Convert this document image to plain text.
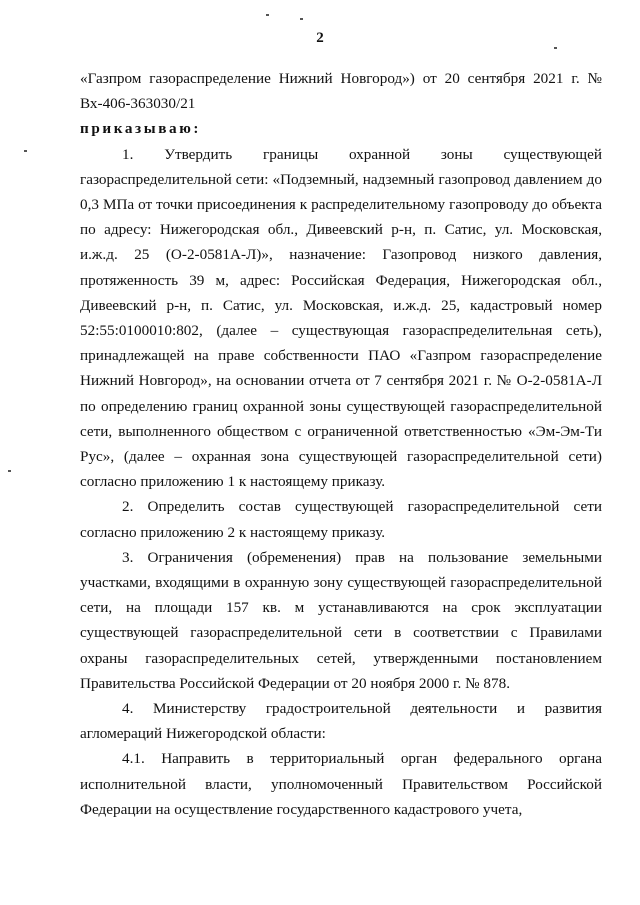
2

«Газпром газораспределение Нижний Новгород») от 20 сентября 2021 г. № Вх-406-363030/21

приказываю:

1. Утвердить границы охранной зоны существующей газораспределительной сети: «Подземный, надземный газопровод давлением до 0,3 МПа от точки присоединения к распределительному газопроводу до объекта по адресу: Нижегородская обл., Дивеевский р-н, п. Сатис, ул. Московская, и.ж.д. 25 (О-2-0581А-Л)», назначение: Газопровод низкого давления, протяженность 39 м, адрес: Российская Федерация, Нижегородская обл., Дивеевский р-н, п. Сатис, ул. Московская, и.ж.д. 25, кадастровый номер 52:55:0100010:802, (далее – существующая газораспределительная сеть), принадлежащей на праве собственности ПАО «Газпром газораспределение Нижний Новгород», на основании отчета от 7 сентября 2021 г. № О-2-0581А-Л по определению границ охранной зоны существующей газораспределительной сети, выполненного обществом с ограниченной ответственностью «Эм-Эм-Ти Рус», (далее – охранная зона существующей газораспределительной сети) согласно приложению 1 к настоящему приказу.

2. Определить состав существующей газораспределительной сети согласно приложению 2 к настоящему приказу.

3. Ограничения (обременения) прав на пользование земельными участками, входящими в охранную зону существующей газораспределительной сети, на площади 157 кв. м устанавливаются на срок эксплуатации существующей газораспределительной сети в соответствии с Правилами охраны газораспределительных сетей, утвержденными постановлением Правительства Российской Федерации от 20 ноября 2000 г. № 878.

4. Министерству градостроительной деятельности и развития агломераций Нижегородской области:

4.1. Направить в территориальный орган федерального органа исполнительной власти, уполномоченный Правительством Российской Федерации на осуществление государственного кадастрового учета,
